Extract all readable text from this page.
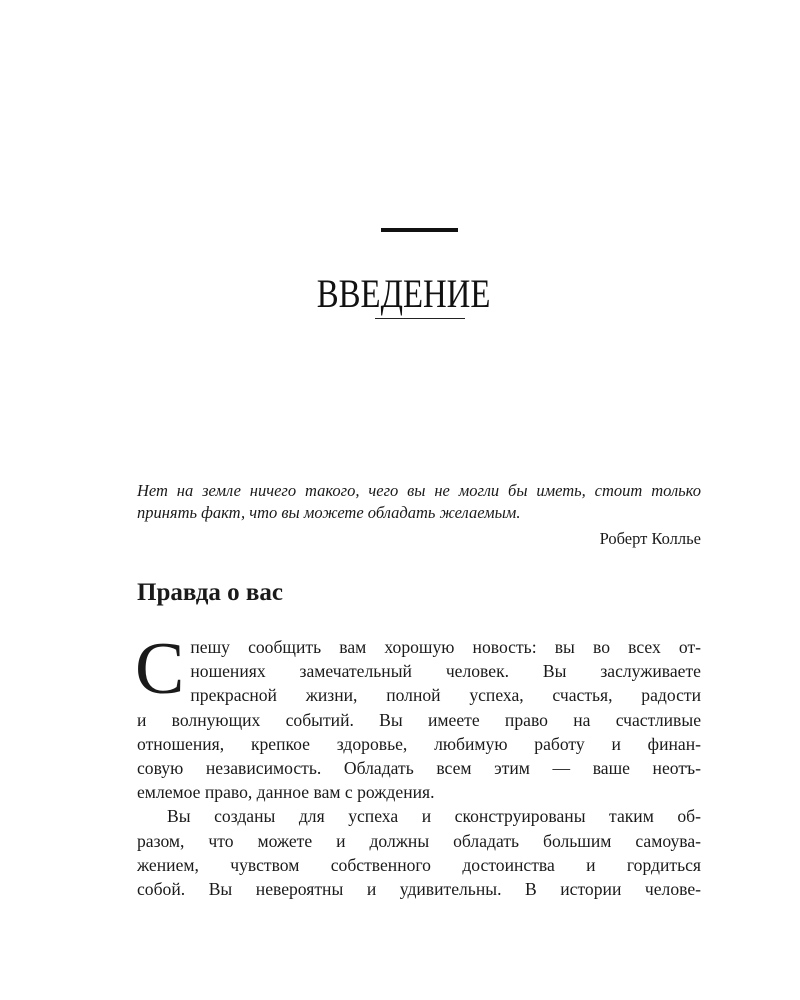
ВВЕДЕНИЕ
Нет на земле ничего такого, чего вы не могли бы иметь, стоит только принять факт, что вы можете обладать желаемым.
Роберт Коллье
Правда о вас

С пешу сообщить вам хорошую новость: вы во всех от-
ношениях замечательный человек. Вы заслуживаете
прекрасной жизни, полной успеха, счастья, радости
и волнующих событий. Вы имеете право на счастливые
отношения, крепкое здоровье, любимую работу и финан-
совую независимость. Обладать всем этим — ваше неотъ-
емлемое право, данное вам с рождения.

Вы созданы для успеха и сконструированы таким об-
разом, что можете и должны обладать большим самоува-
жением, чувством собственного достоинства и гордиться
собой. Вы невероятны и удивительны. В истории челове-
